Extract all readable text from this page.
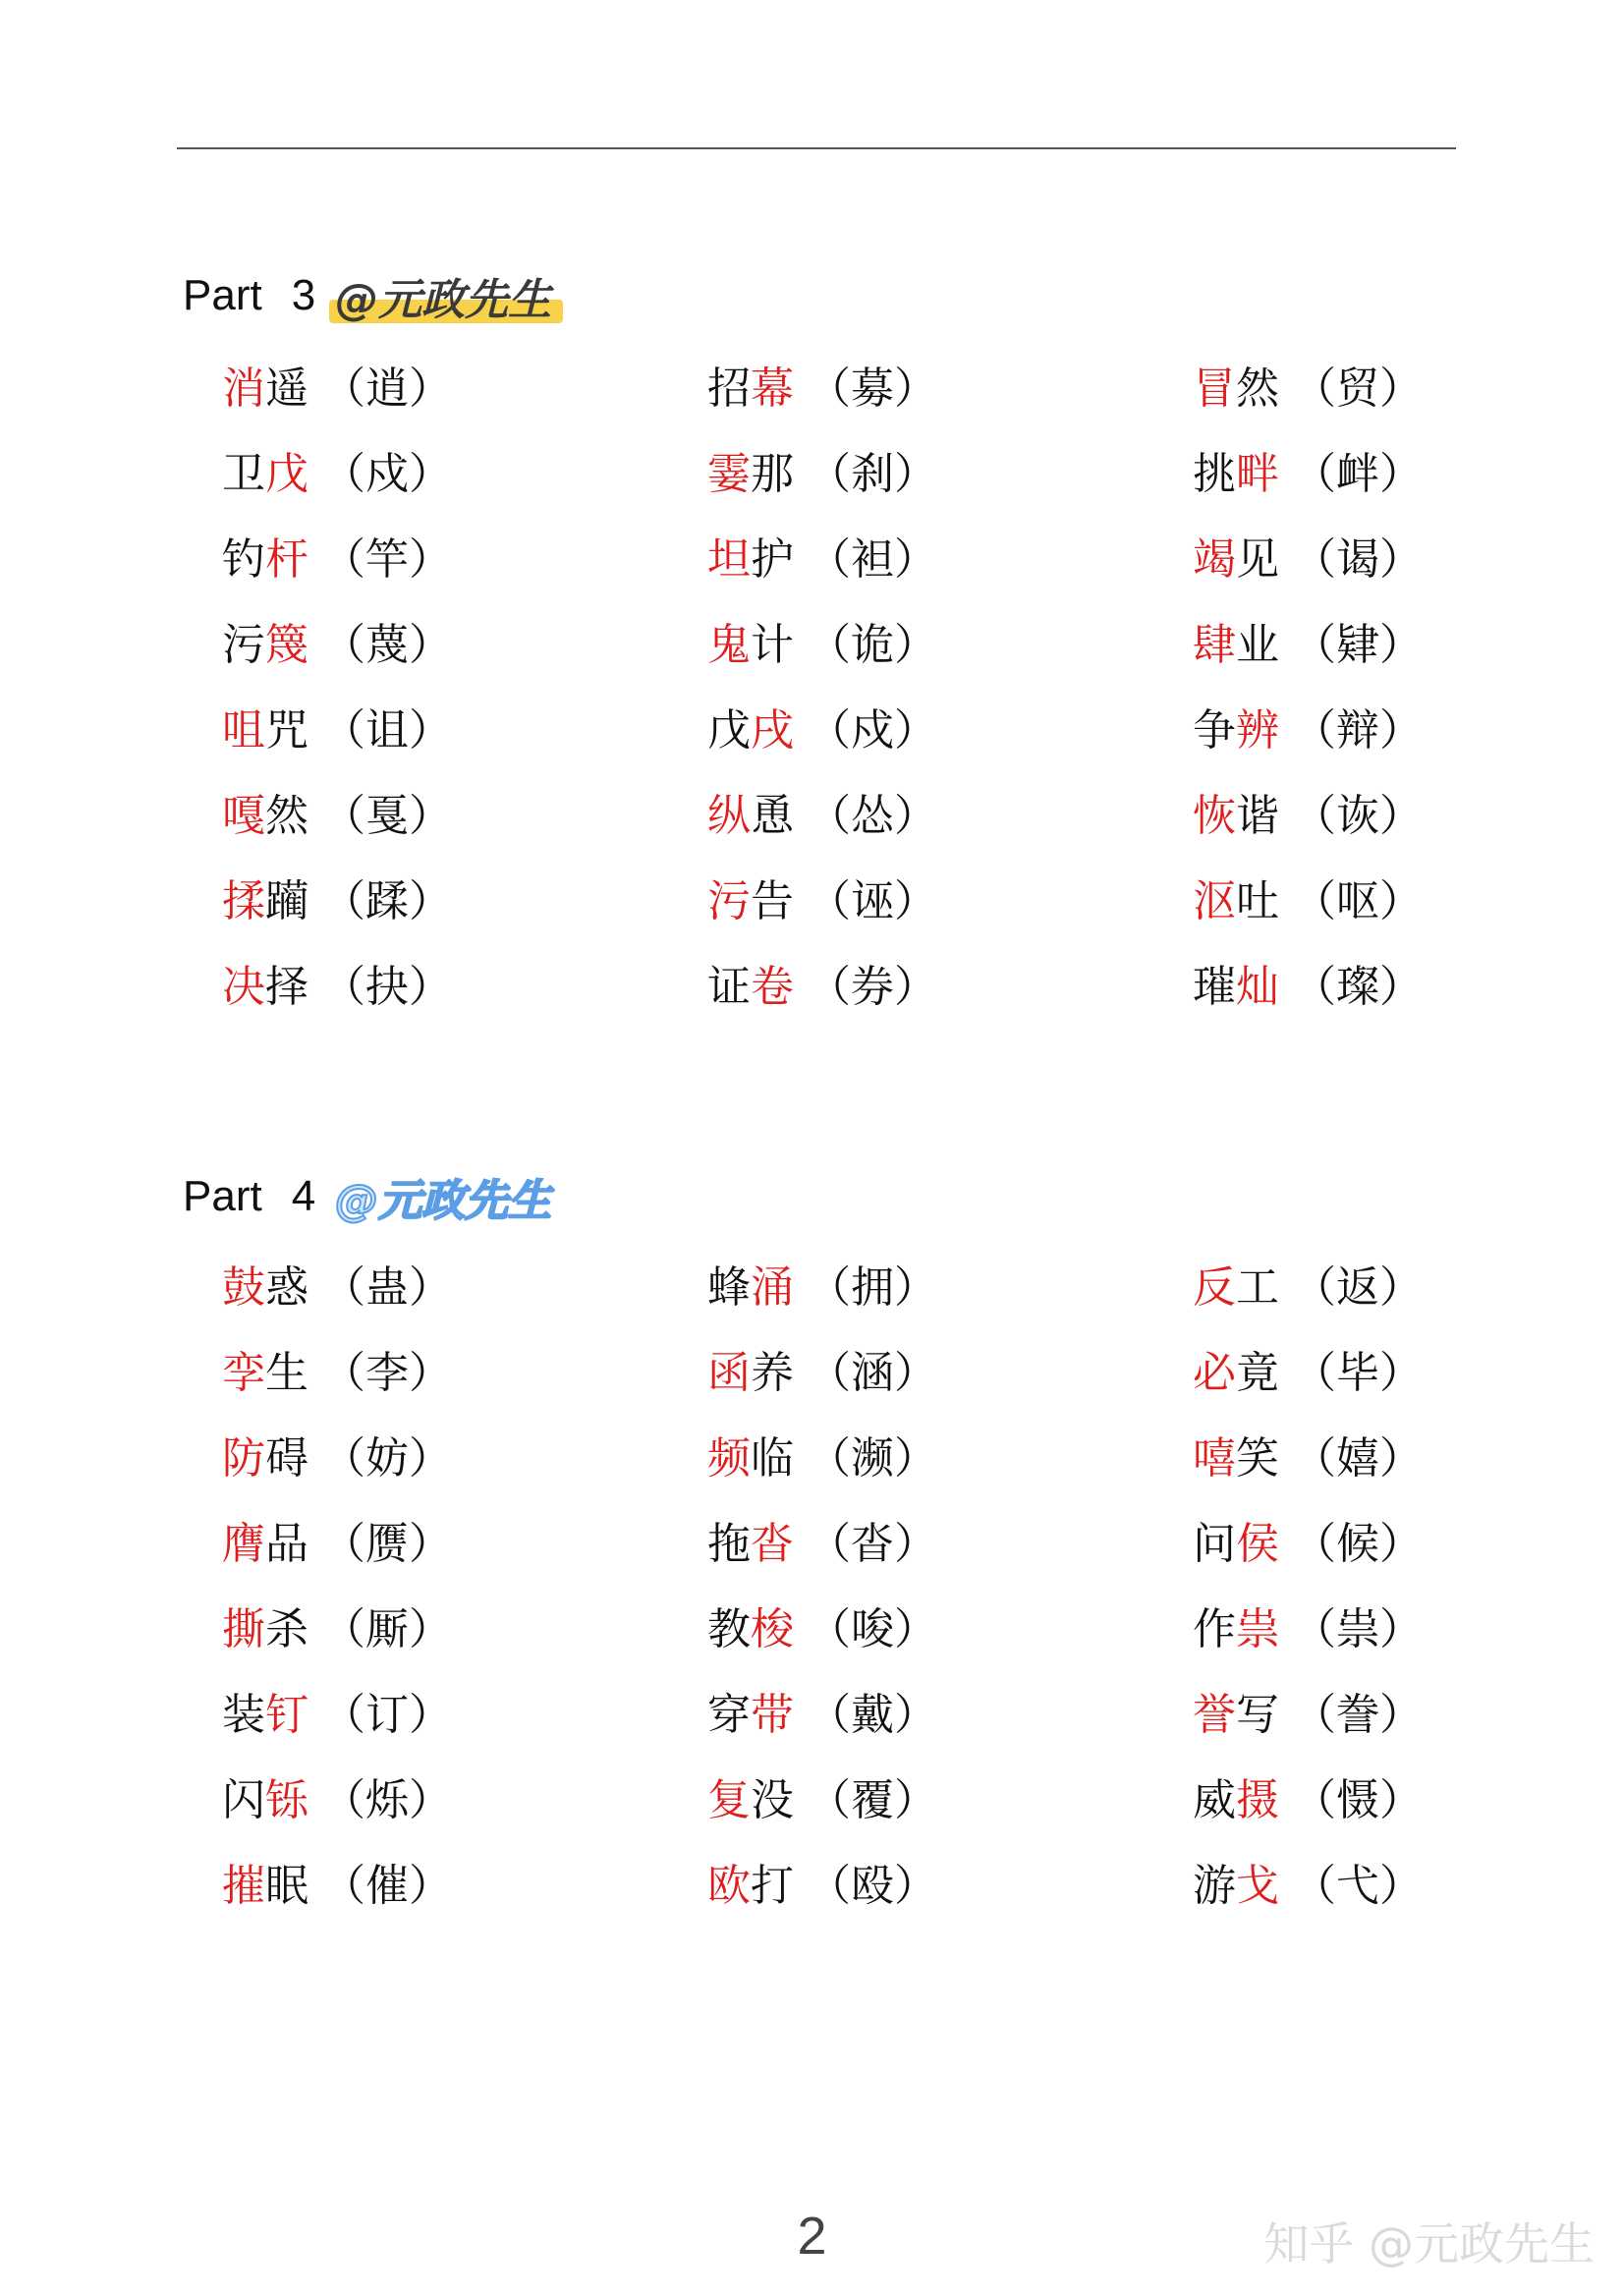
Part 3 @元政先生
消遥 （逍）	招幕 （募）	冒然 （贸）
卫戊 （戍）	霎那 （刹）	挑畔 （衅）
钓杆 （竿）	坦护 （袒）	竭见 （谒）
污篾 （蔑）	鬼计 （诡）	肆业 （肄）
咀咒 （诅）	戊戌 （戍）	争辨 （辩）
嘎然 （戛）	纵恿 （怂）	恢谐 （诙）
揉躏 （蹂）	污告 （诬）	沤吐 （呕）
决择 （抉）	证卷 （券）	璀灿 （璨）
Part 4 @元政先生
鼓惑 （蛊）	蜂涌 （拥）	反工 （返）
孪生 （李）	函养 （涵）	必竟 （毕）
防碍 （妨）	频临 （濒）	嘻笑 （嬉）
膺品 （赝）	拖沓 （沓）	问侯 （候）
撕杀 （厮）	教梭 （唆）	作祟 （祟）
装钉 （订）	穿带 （戴）	誉写 （誊）
闪铄 （烁）	复没 （覆）	威摄 （慑）
摧眠 （催）	欧打 （殴）	游戈 （弋）
2	知乎 @元政先生
